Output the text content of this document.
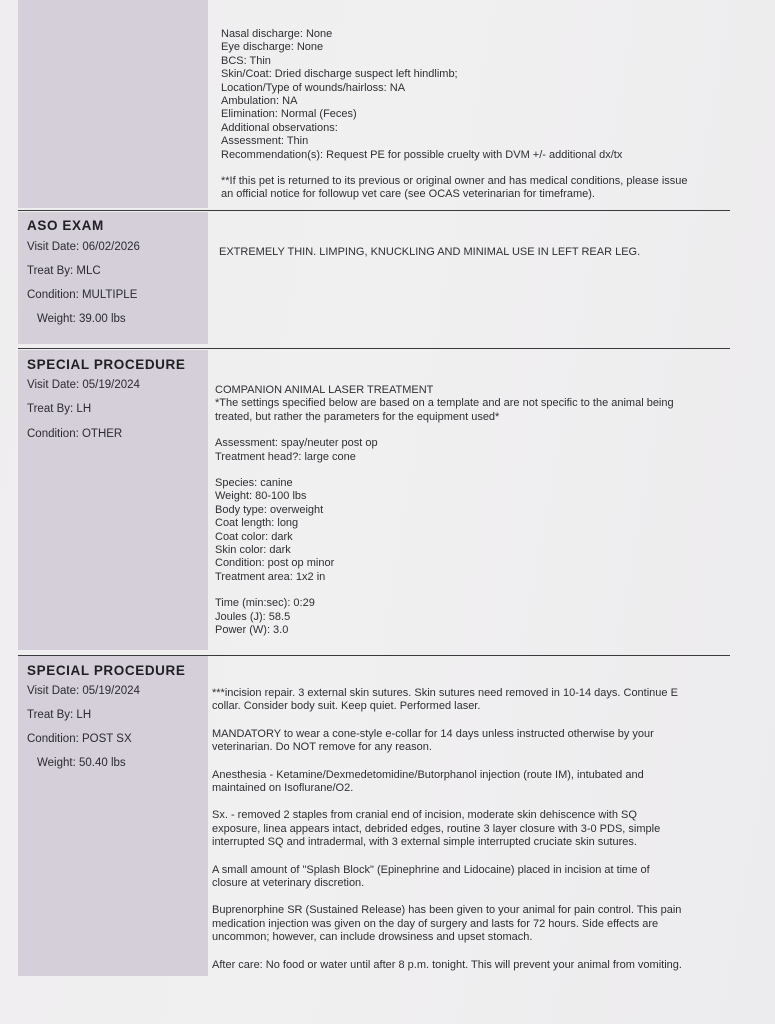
Nasal discharge: None

Eye discharge: None

BCS: Thin

Skin/Coat: Dried discharge suspect left hindlimb;

Location/Type of wounds/hairloss: NA

Ambulation: NA

Elimination: Normal (Feces)

Additional observations:

Assessment: Thin

Recommendation(s): Request PE for possible cruelty with DVM +/- additional dx/tx

**If this pet is returned to its previous or original owner and has medical conditions, please issue

an official notice for followup vet care (see OCAS veterinarian for timeframe).

ASO EXAM

Visit Date: 06/02/2026

Treat By: MLC

Condition: MULTIPLE

Weight: 39.00 lbs

EXTREMELY THIN. LIMPING, KNUCKLING AND MINIMAL USE IN LEFT REAR LEG.

SPECIAL PROCEDURE

Visit Date: 05/19/2024

Treat By: LH

Condition: OTHER

COMPANION ANIMAL LASER TREATMENT

*The settings specified below are based on a template and are not specific to the animal being

treated, but rather the parameters for the equipment used*

Assessment: spay/neuter post op

Treatment head?: large cone

Species: canine

Weight: 80-100 lbs

Body type: overweight

Coat length: long

Coat color: dark

Skin color: dark

Condition: post op minor

Treatment area: 1x2 in

Time (min:sec): 0:29

Joules (J): 58.5

Power (W): 3.0

SPECIAL PROCEDURE

Visit Date: 05/19/2024

Treat By: LH

Condition: POST SX

Weight: 50.40 lbs

***incision repair. 3 external skin sutures. Skin sutures need removed in 10-14 days. Continue E

collar. Consider body suit. Keep quiet. Performed laser.

MANDATORY to wear a cone-style e-collar for 14 days unless instructed otherwise by your

veterinarian. Do NOT remove for any reason.

Anesthesia - Ketamine/Dexmedetomidine/Butorphanol injection (route IM), intubated and

maintained on Isoflurane/O2.

Sx. - removed 2 staples from cranial end of incision, moderate skin dehiscence with SQ

exposure, linea appears intact, debrided edges, routine 3 layer closure with 3-0 PDS, simple

interrupted SQ and intradermal, with 3 external simple interrupted cruciate skin sutures.

A small amount of "Splash Block" (Epinephrine and Lidocaine) placed in incision at time of

closure at veterinary discretion.

Buprenorphine SR (Sustained Release) has been given to your animal for pain control. This pain

medication injection was given on the day of surgery and lasts for 72 hours. Side effects are

uncommon; however, can include drowsiness and upset stomach.

After care: No food or water until after 8 p.m. tonight. This will prevent your animal from vomiting.
